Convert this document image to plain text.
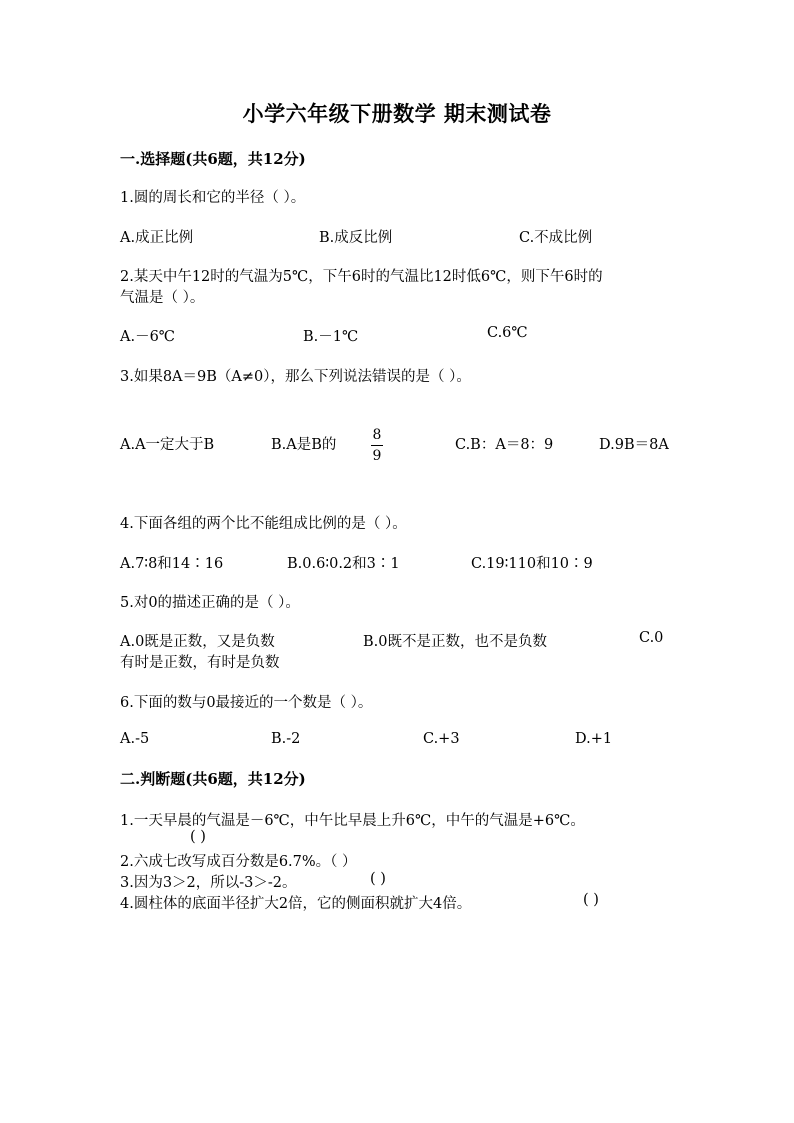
小学六年级下册数学 期末测试卷
一.选择题(共6题，共12分)
1.圆的周长和它的半径（ ）。
A.成正比例	B.成反比例	C.不成比例
2.某天中午12时的气温为5℃，下午6时的气温比12时低6℃，则下午6时的
气温是（ ）。
A.－6℃	B.－1℃	C.6℃
3.如果8A＝9B（A≠0），那么下列说法错误的是（ ）。
A.A一定大于B	B.A是B的
8
9
C.B：A＝8：9	D.9B＝8A
4.下面各组的两个比不能组成比例的是（ ）。
A.7∶8和14∶16	B.0.6∶0.2和3∶1	C.19∶110和10∶9
5.对0的描述正确的是（ ）。
A.0既是正数，又是负数	B.0既不是正数，也不是负数	C.0
有时是正数，有时是负数
6.下面的数与0最接近的一个数是（ ）。
A.-5	B.-2	C.+3	D.+1
二.判断题(共6题，共12分)
1.一天早晨的气温是－6℃，中午比早晨上升6℃，中午的气温是+6℃。
( )
2.六成七改写成百分数是6.7%。（ ）
3.因为3＞2，所以-3＞-2。	( )
4.圆柱体的底面半径扩大2倍，它的侧面积就扩大4倍。	( )
